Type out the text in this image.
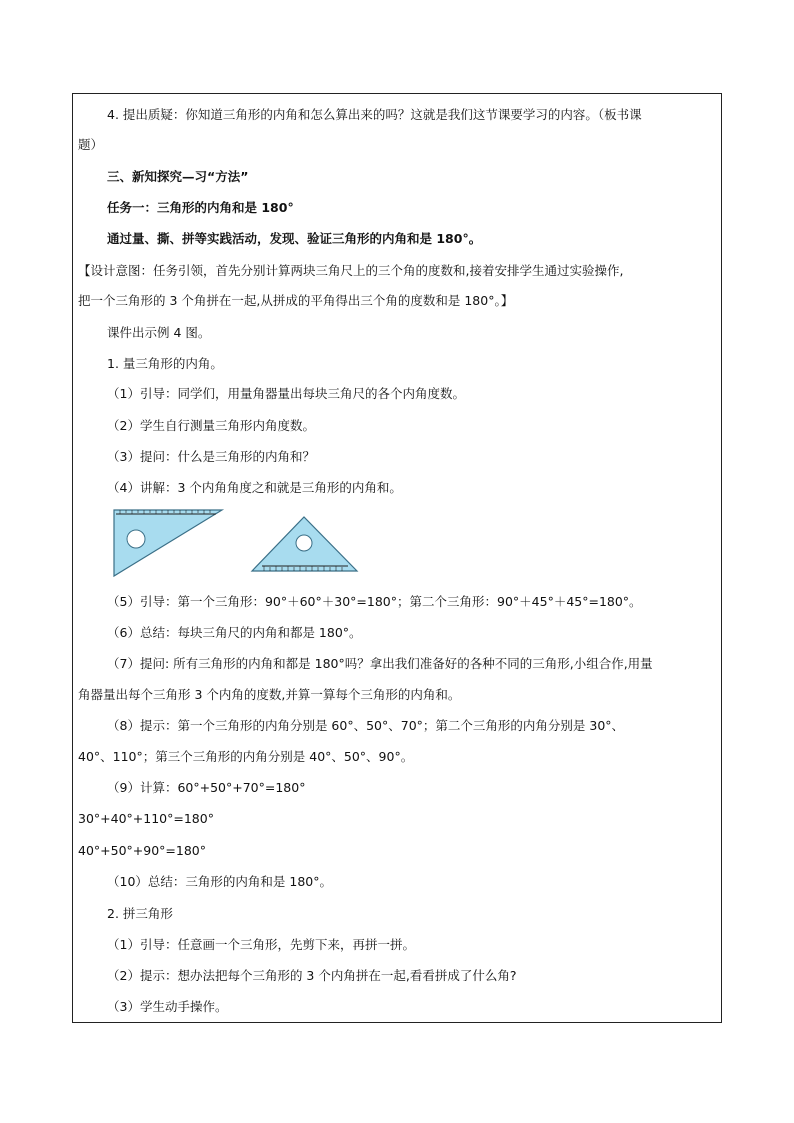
4. 提出质疑：你知道三角形的内角和怎么算出来的吗？这就是我们这节课要学习的内容。（板书课
题）
三、新知探究—习“方法”
任务一：三角形的内角和是 180°
通过量、撕、拼等实践活动，发现、验证三角形的内角和是 180°。
【设计意图：任务引领，首先分别计算两块三角尺上的三个角的度数和,接着安排学生通过实验操作,
把一个三角形的 3 个角拼在一起,从拼成的平角得出三个角的度数和是 180°。】
课件出示例 4 图。
1. 量三角形的内角。
（1）引导：同学们，用量角器量出每块三角尺的各个内角度数。
（2）学生自行测量三角形内角度数。
（3）提问：什么是三角形的内角和？
（4）讲解：3 个内角角度之和就是三角形的内角和。
（5）引导：第一个三角形：90°＋60°＋30°=180°；第二个三角形：90°＋45°＋45°=180°。
（6）总结：每块三角尺的内角和都是 180°。
（7）提问: 所有三角形的内角和都是 180°吗？拿出我们准备好的各种不同的三角形,小组合作,用量
角器量出每个三角形 3 个内角的度数,并算一算每个三角形的内角和。
（8）提示：第一个三角形的内角分别是 60°、50°、70°；第二个三角形的内角分别是 30°、
40°、110°；第三个三角形的内角分别是 40°、50°、90°。
（9）计算：60°+50°+70°=180°
30°+40°+110°=180°
40°+50°+90°=180°
（10）总结：三角形的内角和是 180°。
2. 拼三角形
（1）引导：任意画一个三角形，先剪下来，再拼一拼。
（2）提示：想办法把每个三角形的 3 个内角拼在一起,看看拼成了什么角?
（3）学生动手操作。
